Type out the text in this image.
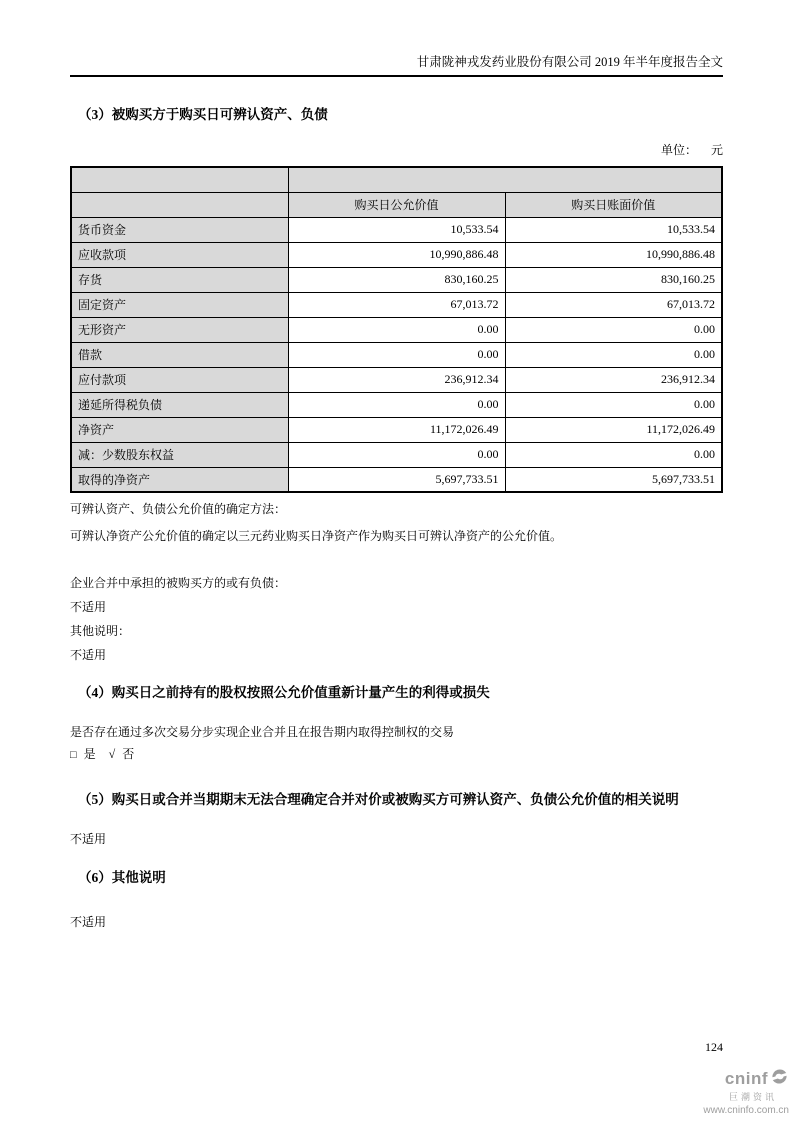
甘肃陇神戎发药业股份有限公司 2019 年半年度报告全文
（3）被购买方于购买日可辨认资产、负债
单位： 元

	购买日公允价值	购买日账面价值
货币资金	10,533.54	10,533.54
应收款项	10,990,886.48	10,990,886.48
存货	830,160.25	830,160.25
固定资产	67,013.72	67,013.72
无形资产	0.00	0.00
借款	0.00	0.00
应付款项	236,912.34	236,912.34
递延所得税负债	0.00	0.00
净资产	11,172,026.49	11,172,026.49
减：少数股东权益	0.00	0.00
取得的净资产	5,697,733.51	5,697,733.51

可辨认资产、负债公允价值的确定方法：

可辨认净资产公允价值的确定以三元药业购买日净资产作为购买日可辨认净资产的公允价值。

企业合并中承担的被购买方的或有负债：

不适用

其他说明：

不适用

（4）购买日之前持有的股权按照公允价值重新计量产生的利得或损失

是否存在通过多次交易分步实现企业合并且在报告期内取得控制权的交易

□ 是 √ 否

（5）购买日或合并当期期末无法合理确定合并对价或被购买方可辨认资产、负债公允价值的相关说明

不适用

（6）其他说明

不适用

124
cninf
巨潮资讯
www.cninfo.com.cn
